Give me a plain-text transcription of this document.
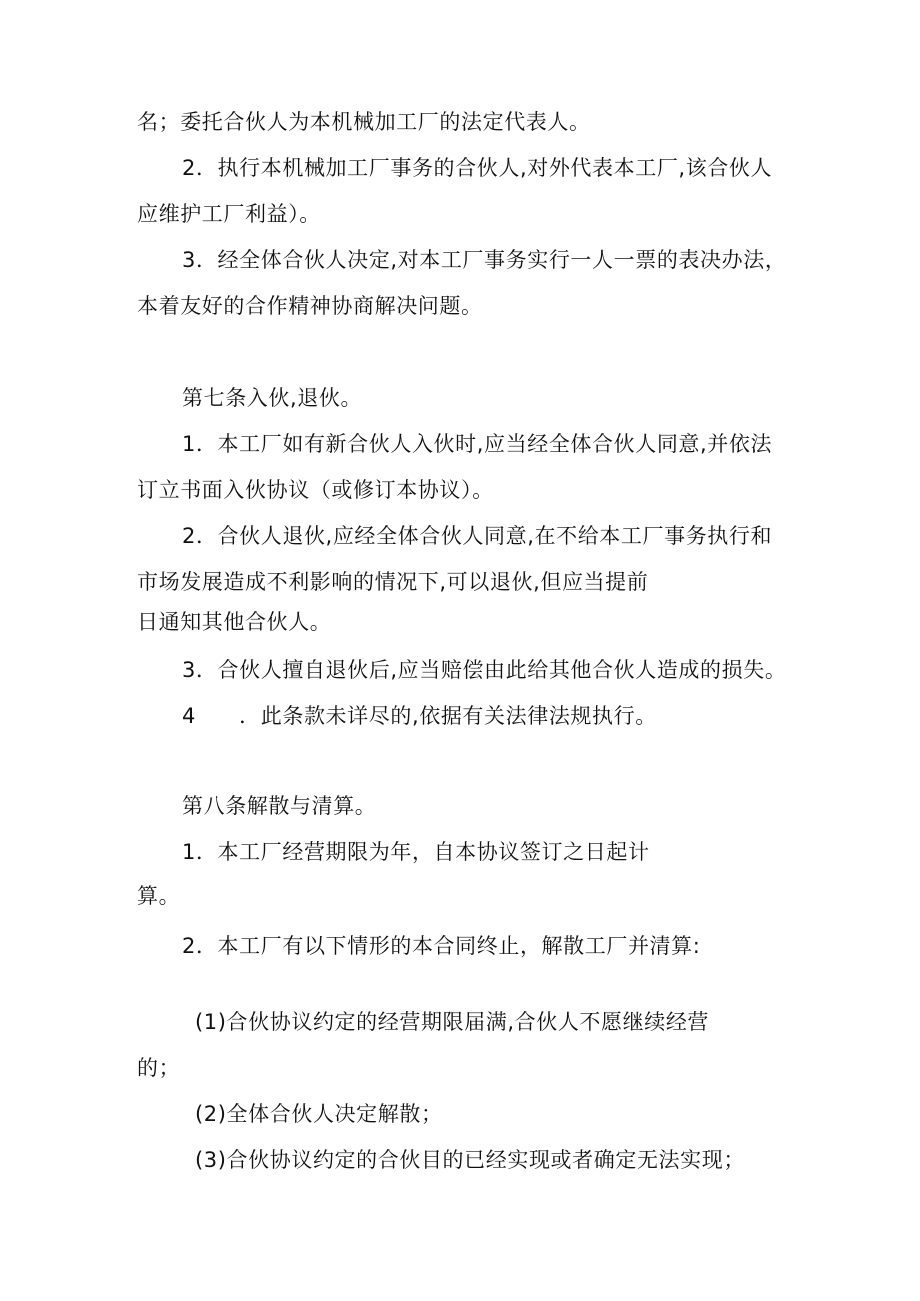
名；委托合伙人为本机械加工厂的法定代表人。

2．执行本机械加工厂事务的合伙人,对外代表本工厂,该合伙人

应维护工厂利益）。

3．经全体合伙人决定,对本工厂事务实行一人一票的表决办法，

本着友好的合作精神协商解决问题。

第七条入伙,退伙。

1．本工厂如有新合伙人入伙时,应当经全体合伙人同意,并依法

订立书面入伙协议（或修订本协议）。

2．合伙人退伙,应经全体合伙人同意,在不给本工厂事务执行和

市场发展造成不利影响的情况下,可以退伙,但应当提前

日通知其他合伙人。

3．合伙人擅自退伙后,应当赔偿由此给其他合伙人造成的损失。

4　　．此条款未详尽的,依据有关法律法规执行。

第八条解散与清算。

1．本工厂经营期限为年，自本协议签订之日起计

算。

2．本工厂有以下情形的本合同终止，解散工厂并清算:

(1)合伙协议约定的经营期限届满,合伙人不愿继续经营

的；

(2)全体合伙人决定解散；

(3)合伙协议约定的合伙目的已经实现或者确定无法实现；
